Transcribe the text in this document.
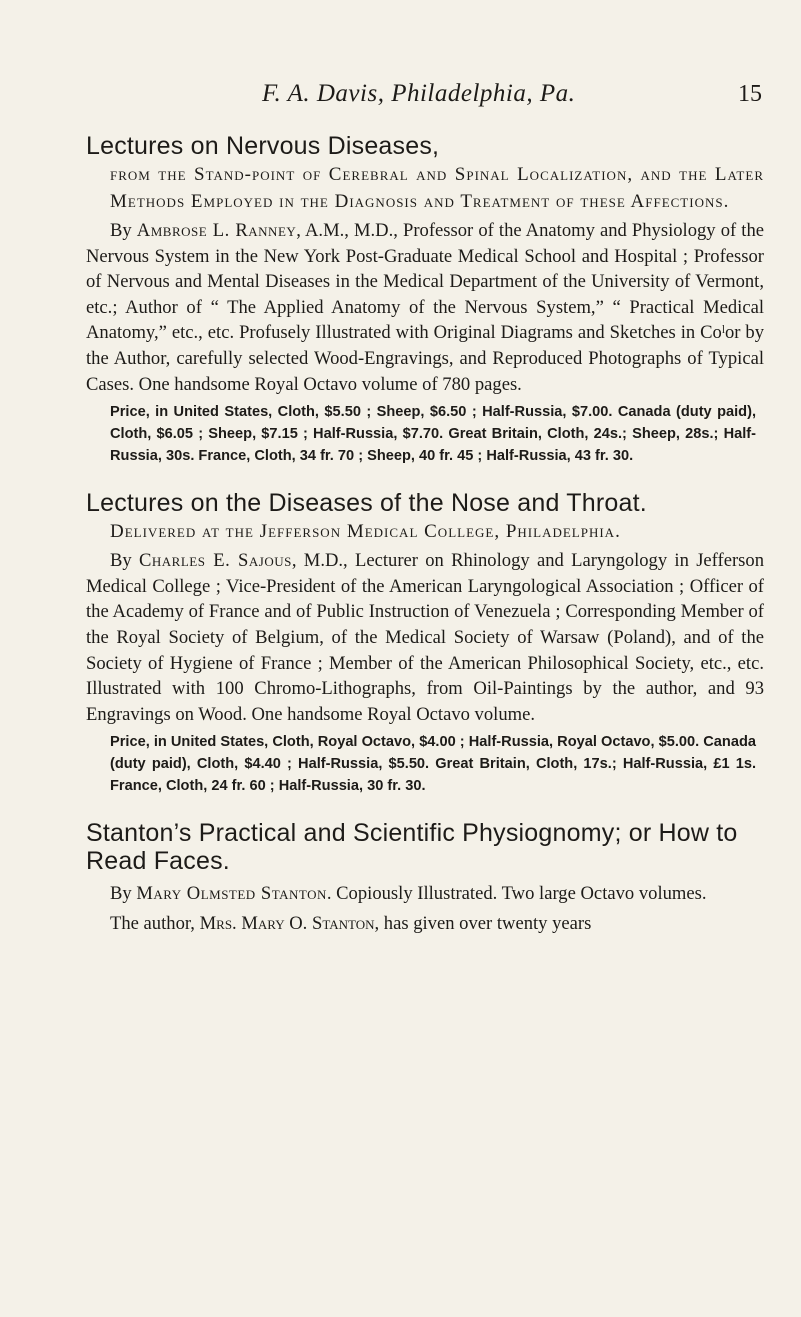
F. A. Davis, Philadelphia, Pa.	15
Lectures on Nervous Diseases,
from the Stand-point of Cerebral and Spinal Localization, and the Later Methods Employed in the Diagnosis and Treatment of these Affections.
By Ambrose L. Ranney, A.M., M.D., Professor of the Anatomy and Physiology of the Nervous System in the New York Post-Graduate Medical School and Hospital ; Professor of Nervous and Mental Diseases in the Medical Department of the University of Vermont, etc.; Author of “ The Applied Anatomy of the Nervous System,” “ Practical Medical Anatomy,” etc., etc. Profusely Illustrated with Original Diagrams and Sketches in Coˡor by the Author, carefully selected Wood-Engravings, and Reproduced Photographs of Typical Cases. One handsome Royal Octavo volume of 780 pages.
Price, in United States, Cloth, $5.50 ; Sheep, $6.50 ; Half-Russia, $7.00. Canada (duty paid), Cloth, $6.05 ; Sheep, $7.15 ; Half-Russia, $7.70. Great Britain, Cloth, 24s.; Sheep, 28s.; Half-Russia, 30s. France, Cloth, 34 fr. 70 ; Sheep, 40 fr. 45 ; Half-Russia, 43 fr. 30.
Lectures on the Diseases of the Nose and Throat.
Delivered at the Jefferson Medical College, Philadelphia.
By Charles E. Sajous, M.D., Lecturer on Rhinology and Laryngology in Jefferson Medical College ; Vice-President of the American Laryngological Association ; Officer of the Academy of France and of Public Instruction of Venezuela ; Corresponding Member of the Royal Society of Belgium, of the Medical Society of Warsaw (Poland), and of the Society of Hygiene of France ; Member of the American Philosophical Society, etc., etc. Illustrated with 100 Chromo-Lithographs, from Oil-Paintings by the author, and 93 Engravings on Wood. One handsome Royal Octavo volume.
Price, in United States, Cloth, Royal Octavo, $4.00 ; Half-Russia, Royal Octavo, $5.00. Canada (duty paid), Cloth, $4.40 ; Half-Russia, $5.50. Great Britain, Cloth, 17s.; Half-Russia, £1 1s. France, Cloth, 24 fr. 60 ; Half-Russia, 30 fr. 30.
Stanton’s Practical and Scientific Physiognomy; or How to Read Faces.
By Mary Olmsted Stanton. Copiously Illustrated. Two large Octavo volumes.
The author, Mrs. Mary O. Stanton, has given over twenty years
